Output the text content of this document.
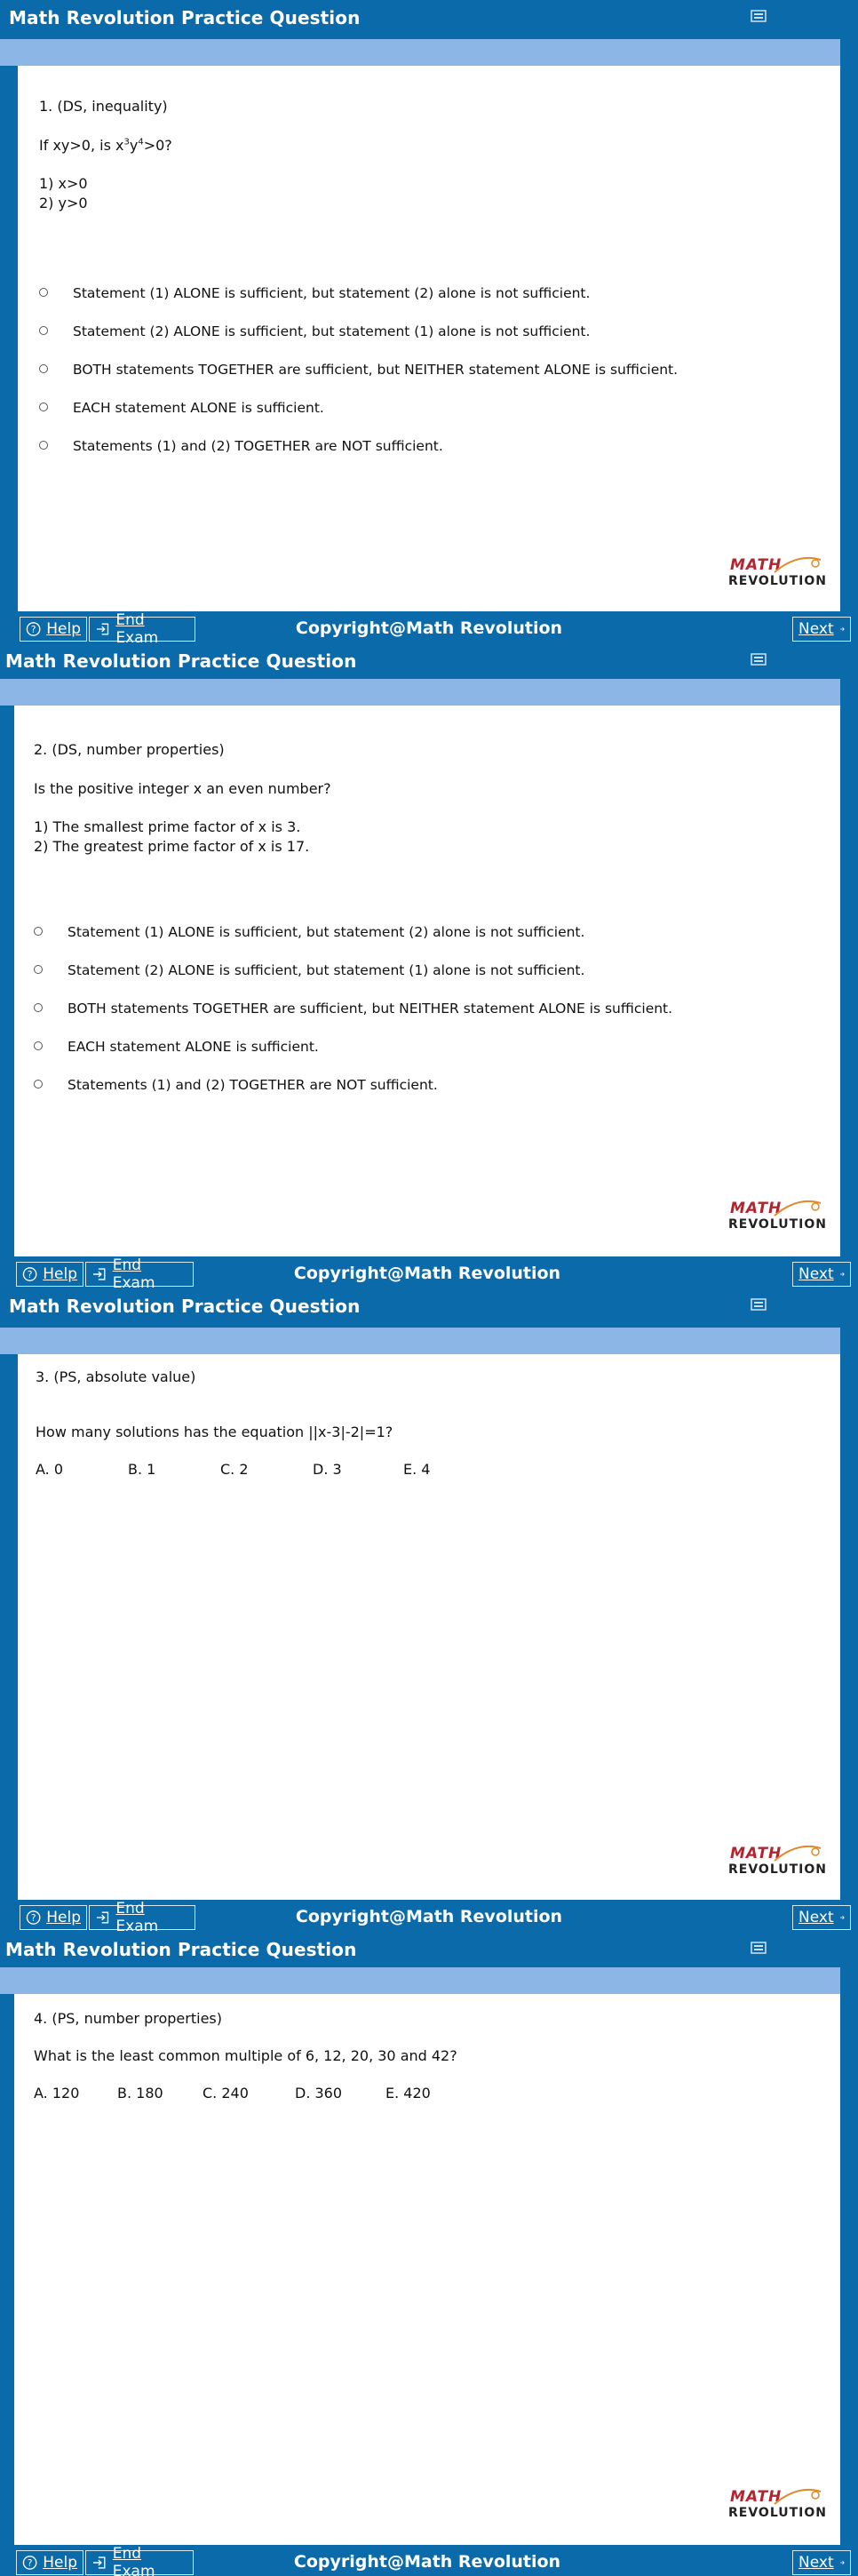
Math Revolution Practice Question
1. (DS, inequality)
If xy>0, is $x^3y^4>0$?
1) x>0
2) y>0
Statement (1) ALONE is sufficient, but statement (2) alone is not sufficient.
Statement (2) ALONE is sufficient, but statement (1) alone is not sufficient.
BOTH statements TOGETHER are sufficient, but NEITHER statement ALONE is sufficient.
EACH statement ALONE is sufficient.
Statements (1) and (2) TOGETHER are NOT sufficient.
MATH
REVOLUTION
? Help End Exam	Copyright@Math Revolution	Next
Math Revolution Practice Question
2. (DS, number properties)
Is the positive integer x an even number?
1) The smallest prime factor of x is 3.
2) The greatest prime factor of x is 17.
Statement (1) ALONE is sufficient, but statement (2) alone is not sufficient.
Statement (2) ALONE is sufficient, but statement (1) alone is not sufficient.
BOTH statements TOGETHER are sufficient, but NEITHER statement ALONE is sufficient.
EACH statement ALONE is sufficient.
Statements (1) and (2) TOGETHER are NOT sufficient.
MATH
REVOLUTION
? Help End Exam	Copyright@Math Revolution	Next
Math Revolution Practice Question
3. (PS, absolute value)
How many solutions has the equation ||x-3|-2|=1?
A. 0	B. 1	C. 2	D. 3	E. 4
MATH
REVOLUTION
? Help End Exam	Copyright@Math Revolution	Next
Math Revolution Practice Question
4. (PS, number properties)
What is the least common multiple of 6, 12, 20, 30 and 42?
A. 120	B. 180	C. 240	D. 360	E. 420
MATH
REVOLUTION
? Help End Exam	Copyright@Math Revolution	Next
